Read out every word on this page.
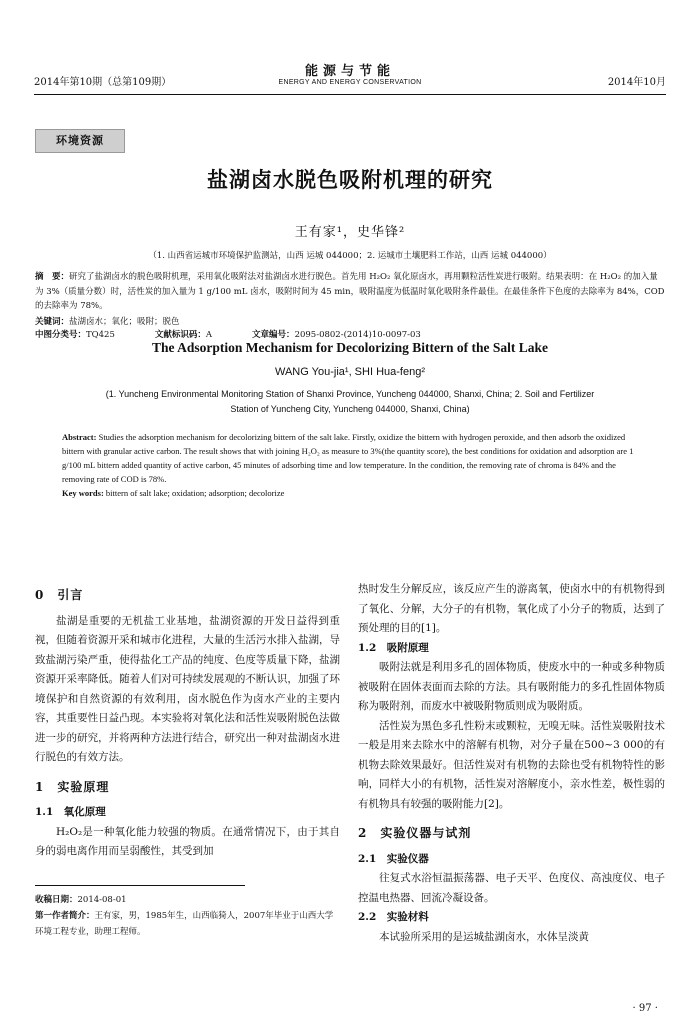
2014年第10期（总第109期）
能源与节能
ENERGY AND ENERGY CONSERVATION	2014年10月
环境资源
盐湖卤水脱色吸附机理的研究
王有家¹，史华锋²
（1. 山西省运城市环境保护监测站，山西 运城 044000；2. 运城市土壤肥料工作站，山西 运城 044000）
摘　要：研究了盐湖卤水的脱色吸附机理，采用氧化吸附法对盐湖卤水进行脱色。首先用 H₂O₂ 氧化原卤水，再用颗粒活性炭进行吸附。结果表明：在 H₂O₂ 的加入量为 3%（质量分数）时，活性炭的加入量为 1 g/100 mL 卤水，吸附时间为 45 min，吸附温度为低温时氧化吸附条件最佳。在最佳条件下色度的去除率为 84%，COD 的去除率为 78%。
关键词：盐湖卤水；氧化；吸附；脱色
中图分类号：TQ425	文献标识码：A	文章编号：2095-0802-(2014)10-0097-03
The Adsorption Mechanism for Decolorizing Bittern of the Salt Lake
WANG You-jia¹, SHI Hua-feng²
(1. Yuncheng Environmental Monitoring Station of Shanxi Province, Yuncheng 044000, Shanxi, China; 2. Soil and Fertilizer
Station of Yuncheng City, Yuncheng 044000, Shanxi, China)
Abstract: Studies the adsorption mechanism for decolorizing bittern of the salt lake. Firstly, oxidize the bittern with hydrogen peroxide, and then adsorb the oxidized bittern with granular active carbon. The result shows that with joining H₂O₂ as measure to 3%(the quantity score), the best conditions for oxidation and adsorption are 1 g/100 mL bittern added quantity of active carbon, 45 minutes of adsorbing time and low temperature. In the condition, the removing rate of chroma is 84% and the removing rate of COD is 78%.
Key words: bittern of salt lake; oxidation; adsorption; decolorize
0　引言

盐湖是重要的无机盐工业基地，盐湖资源的开发日益得到重视，但随着资源开采和城市化进程，大量的生活污水排入盐湖，导致盐湖污染严重，使得盐化工产品的纯度、色度等质量下降，盐湖资源开采率降低。随着人们对可持续发展观的不断认识，加强了环境保护和自然资源的有效利用，卤水脱色作为卤水产业的主要内容，其重要性日益凸现。本实验将对氧化法和活性炭吸附脱色法做进一步的研究，并将两种方法进行结合，研究出一种对盐湖卤水进行脱色的有效方法。

1　实验原理
1.1　氧化原理

H₂O₂是一种氧化能力较强的物质。在通常情况下，由于其自身的弱电离作用而呈弱酸性，其受到加

热时发生分解反应，该反应产生的游离氧，使卤水中的有机物得到了氧化、分解，大分子的有机物，氧化成了小分子的物质，达到了预处理的目的[1]。
1.2　吸附原理

吸附法就是利用多孔的固体物质，使废水中的一种或多种物质被吸附在固体表面而去除的方法。具有吸附能力的多孔性固体物质称为吸附剂，而废水中被吸附物质则成为吸附质。

活性炭为黑色多孔性粉末或颗粒，无嗅无味。活性炭吸附技术一般是用来去除水中的溶解有机物，对分子量在500~3 000的有机物去除效果最好。但活性炭对有机物的去除也受有机物特性的影响，同样大小的有机物，活性炭对溶解度小，亲水性差，极性弱的有机物具有较强的吸附能力[2]。

2　实验仪器与试剂
2.1　实验仪器

往复式水浴恒温振荡器、电子天平、色度仪、高浊度仪、电子控温电热器、回流冷凝设备。

2.2　实验材料

本试验所采用的是运城盐湖卤水，水体呈淡黄

收稿日期：2014-08-01
第一作者简介：王有家，男，1985年生，山西临猗人，2007年毕业于山西大学环境工程专业，助理工程师。
· 97 ·
